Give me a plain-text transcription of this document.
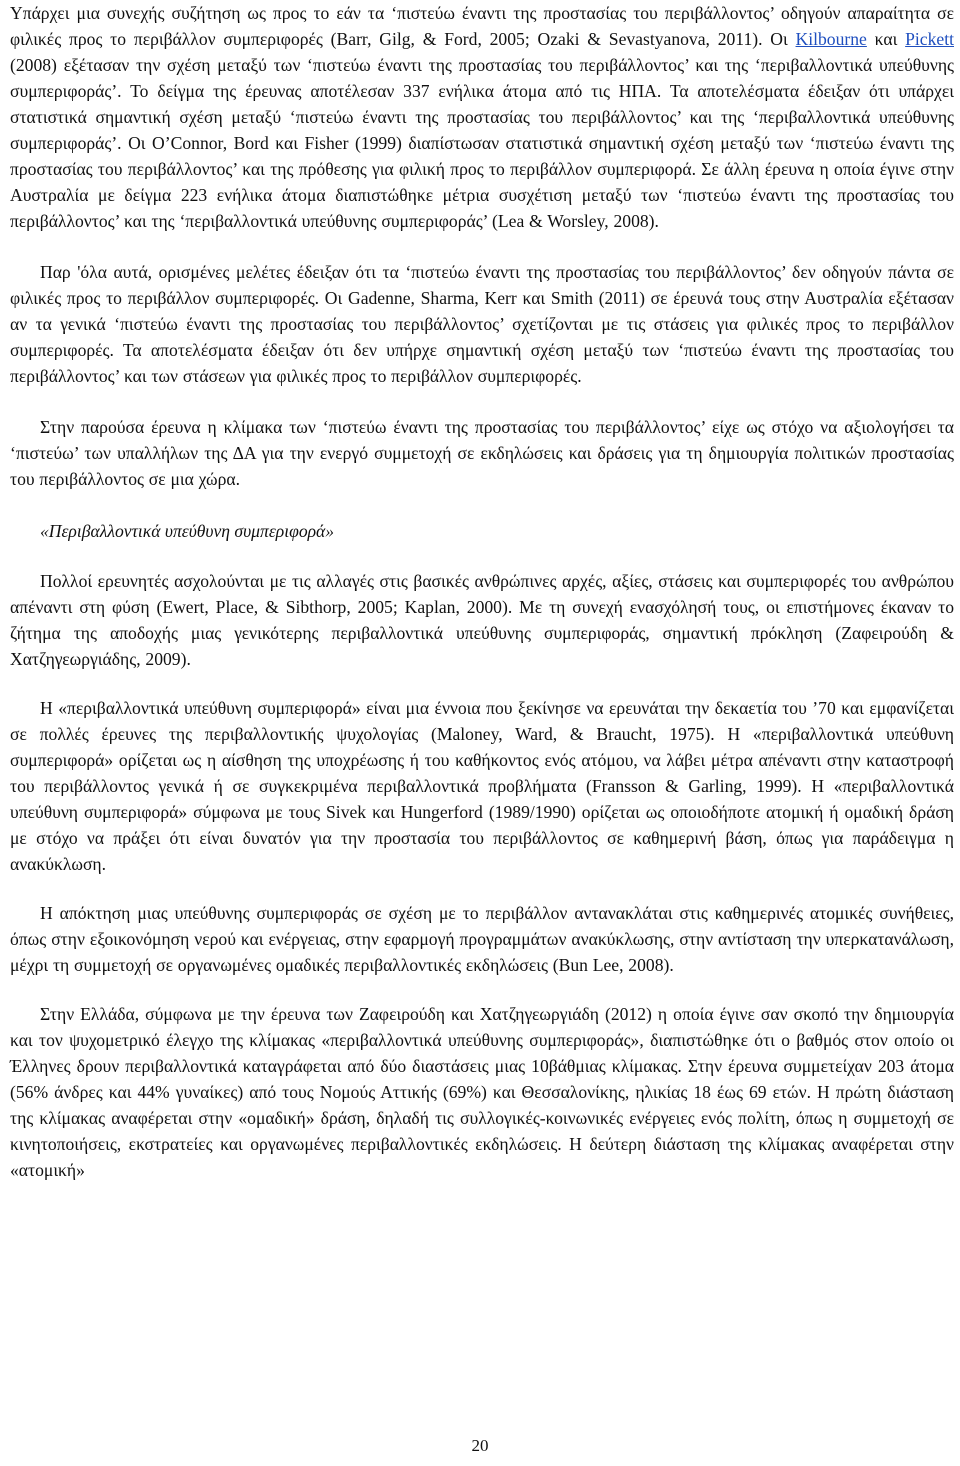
Υπάρχει μια συνεχής συζήτηση ως προς το εάν τα ‘πιστεύω έναντι της προστασίας του περιβάλλοντος’ οδηγούν απαραίτητα σε φιλικές προς το περιβάλλον συμπεριφορές (Barr, Gilg, & Ford, 2005; Ozaki & Sevastyanova, 2011). Οι Kilbourne και Pickett (2008) εξέτασαν την σχέση μεταξύ των ‘πιστεύω έναντι της προστασίας του περιβάλλοντος’ και της ‘περιβαλλοντικά υπεύθυνης συμπεριφοράς’. Το δείγμα της έρευνας αποτέλεσαν 337 ενήλικα άτομα από τις ΗΠΑ. Τα αποτελέσματα έδειξαν ότι υπάρχει στατιστικά σημαντική σχέση μεταξύ ‘πιστεύω έναντι της προστασίας του περιβάλλοντος’ και της ‘περιβαλλοντικά υπεύθυνης συμπεριφοράς’. Οι O’Connor, Bord και Fisher (1999) διαπίστωσαν στατιστικά σημαντική σχέση μεταξύ των ‘πιστεύω έναντι της προστασίας του περιβάλλοντος’ και της πρόθεσης για φιλική προς το περιβάλλον συμπεριφορά. Σε άλλη έρευνα η οποία έγινε στην Αυστραλία με δείγμα 223 ενήλικα άτομα διαπιστώθηκε μέτρια συσχέτιση μεταξύ των ‘πιστεύω έναντι της προστασίας του περιβάλλοντος’ και της ‘περιβαλλοντικά υπεύθυνης συμπεριφοράς’ (Lea & Worsley, 2008).

Παρ 'όλα αυτά, ορισμένες μελέτες έδειξαν ότι τα ‘πιστεύω έναντι της προστασίας του περιβάλλοντος’ δεν οδηγούν πάντα σε φιλικές προς το περιβάλλον συμπεριφορές. Οι Gadenne, Sharma, Kerr και Smith (2011) σε έρευνά τους στην Αυστραλία εξέτασαν αν τα γενικά ‘πιστεύω έναντι της προστασίας του περιβάλλοντος’ σχετίζονται με τις στάσεις για φιλικές προς το περιβάλλον συμπεριφορές. Τα αποτελέσματα έδειξαν ότι δεν υπήρχε σημαντική σχέση μεταξύ των ‘πιστεύω έναντι της προστασίας του περιβάλλοντος’ και των στάσεων για φιλικές προς το περιβάλλον συμπεριφορές.

Στην παρούσα έρευνα η κλίμακα των ‘πιστεύω έναντι της προστασίας του περιβάλλοντος’ είχε ως στόχο να αξιολογήσει τα ‘πιστεύω’ των υπαλλήλων της ΔΑ για την ενεργό συμμετοχή σε εκδηλώσεις και δράσεις για τη δημιουργία πολιτικών προστασίας του περιβάλλοντος σε μια χώρα.

«Περιβαλλοντικά υπεύθυνη συμπεριφορά»

Πολλοί ερευνητές ασχολούνται με τις αλλαγές στις βασικές ανθρώπινες αρχές, αξίες, στάσεις και συμπεριφορές του ανθρώπου απέναντι στη φύση (Ewert, Place, & Sibthorp, 2005; Kaplan, 2000). Με τη συνεχή ενασχόλησή τους, οι επιστήμονες έκαναν το ζήτημα της αποδοχής μιας γενικότερης περιβαλλοντικά υπεύθυνης συμπεριφοράς, σημαντική πρόκληση (Ζαφειρούδη & Χατζηγεωργιάδης, 2009).

Η «περιβαλλοντικά υπεύθυνη συμπεριφορά» είναι μια έννοια που ξεκίνησε να ερευνάται την δεκαετία του ’70 και εμφανίζεται σε πολλές έρευνες της περιβαλλοντικής ψυχολογίας (Maloney, Ward, & Braucht, 1975). Η «περιβαλλοντικά υπεύθυνη συμπεριφορά» ορίζεται ως η αίσθηση της υποχρέωσης ή του καθήκοντος ενός ατόμου, να λάβει μέτρα απέναντι στην καταστροφή του περιβάλλοντος γενικά ή σε συγκεκριμένα περιβαλλοντικά προβλήματα (Fransson & Garling, 1999). Η «περιβαλλοντικά υπεύθυνη συμπεριφορά» σύμφωνα με τους Sivek και Hungerford (1989/1990) ορίζεται ως οποιοδήποτε ατομική ή ομαδική δράση με στόχο να πράξει ότι είναι δυνατόν για την προστασία του περιβάλλοντος σε καθημερινή βάση, όπως για παράδειγμα η ανακύκλωση.

Η απόκτηση μιας υπεύθυνης συμπεριφοράς σε σχέση με το περιβάλλον αντανακλάται στις καθημερινές ατομικές συνήθειες, όπως στην εξοικονόμηση νερού και ενέργειας, στην εφαρμογή προγραμμάτων ανακύκλωσης, στην αντίσταση την υπερκατανάλωση, μέχρι τη συμμετοχή σε οργανωμένες ομαδικές περιβαλλοντικές εκδηλώσεις (Bun Lee, 2008).

Στην Ελλάδα, σύμφωνα με την έρευνα των Ζαφειρούδη και Χατζηγεωργιάδη (2012) η οποία έγινε σαν σκοπό την δημιουργία και τον ψυχομετρικό έλεγχο της κλίμακας «περιβαλλοντικά υπεύθυνης συμπεριφοράς», διαπιστώθηκε ότι ο βαθμός στον οποίο οι Έλληνες δρουν περιβαλλοντικά καταγράφεται από δύο διαστάσεις μιας 10βάθμιας κλίμακας. Στην έρευνα συμμετείχαν 203 άτομα (56% άνδρες και 44% γυναίκες) από τους Νομούς Αττικής (69%) και Θεσσαλονίκης, ηλικίας 18 έως 69 ετών. Η πρώτη διάσταση της κλίμακας αναφέρεται στην «ομαδική» δράση, δηλαδή τις συλλογικές-κοινωνικές ενέργειες ενός πολίτη, όπως η συμμετοχή σε κινητοποιήσεις, εκστρατείες και οργανωμένες περιβαλλοντικές εκδηλώσεις. Η δεύτερη διάσταση της κλίμακας αναφέρεται στην «ατομική»

20
